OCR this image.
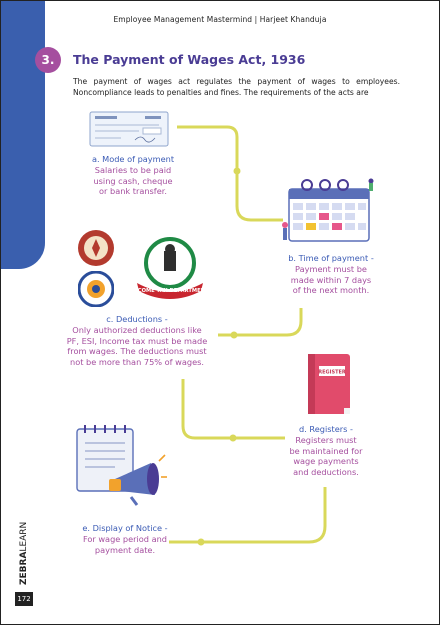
Employee Management Mastermind | Harjeet Khanduja
3.	The Payment of Wages Act, 1936
The payment of wages act regulates the payment of wages to employees. Noncompliance leads to penalties and fines. The requirements of the acts are
a. Mode of payment
Salaries to be paid
using cash, cheque
or bank transfer.
b. Time of payment -
Payment must be
made within 7 days
of the next month.
INCOME TAX DEPARTMENT
c. Deductions -
Only authorized deductions like
PF, ESI, Income tax must be made
from wages. The deductions must
not be more than 75% of wages.
REGISTER
d. Registers -
Registers must
be maintained for
wage payments
and deductions.
e. Display of Notice -
For wage period and
payment date.
ZEBRALEARN
172
